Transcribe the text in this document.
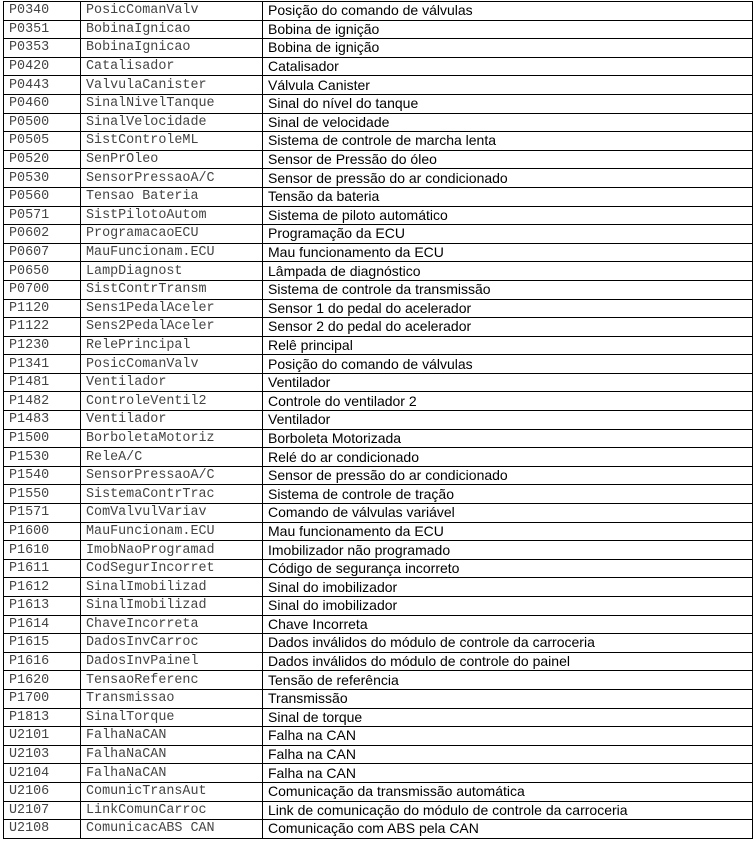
P0340	PosicComanValv	Posição do comando de válvulas
P0351	BobinaIgnicao	Bobina de ignição
P0353	BobinaIgnicao	Bobina de ignição
P0420	Catalisador	Catalisador
P0443	ValvulaCanister	Válvula Canister
P0460	SinalNivelTanque	Sinal do nível do tanque
P0500	SinalVelocidade	Sinal de velocidade
P0505	SistControleML	Sistema de controle de marcha lenta
P0520	SenPrOleo	Sensor de Pressão do óleo
P0530	SensorPressaoA/C	Sensor de pressão do ar condicionado
P0560	Tensao Bateria	Tensão da bateria
P0571	SistPilotoAutom	Sistema de piloto automático
P0602	ProgramacaoECU	Programação da ECU
P0607	MauFuncionam.ECU	Mau funcionamento da ECU
P0650	LampDiagnost	Lâmpada de diagnóstico
P0700	SistContrTransm	Sistema de controle da transmissão
P1120	Sens1PedalAceler	Sensor 1 do pedal do acelerador
P1122	Sens2PedalAceler	Sensor 2 do pedal do acelerador
P1230	RelePrincipal	Relê principal
P1341	PosicComanValv	Posição do comando de válvulas
P1481	Ventilador	Ventilador
P1482	ControleVentil2	Controle do ventilador 2
P1483	Ventilador	Ventilador
P1500	BorboletaMotoriz	Borboleta Motorizada
P1530	ReleA/C	Relé do ar condicionado
P1540	SensorPressaoA/C	Sensor de pressão do ar condicionado
P1550	SistemaContrTrac	Sistema de controle de tração
P1571	ComValvulVariav	Comando de válvulas variável
P1600	MauFuncionam.ECU	Mau funcionamento da ECU
P1610	ImobNaoProgramad	Imobilizador não programado
P1611	CodSegurIncorret	Código de segurança incorreto
P1612	SinalImobilizad	Sinal do imobilizador
P1613	SinalImobilizad	Sinal do imobilizador
P1614	ChaveIncorreta	Chave Incorreta
P1615	DadosInvCarroc	Dados inválidos do módulo de controle da carroceria
P1616	DadosInvPainel	Dados inválidos do módulo de controle do painel
P1620	TensaoReferenc	Tensão de referência
P1700	Transmissao	Transmissão
P1813	SinalTorque	Sinal de torque
U2101	FalhaNaCAN	Falha na CAN
U2103	FalhaNaCAN	Falha na CAN
U2104	FalhaNaCAN	Falha na CAN
U2106	ComunicTransAut	Comunicação da transmissão automática
U2107	LinkComunCarroc	Link de comunicação do módulo de controle da carroceria
U2108	ComunicacABS CAN	Comunicação com ABS pela CAN
